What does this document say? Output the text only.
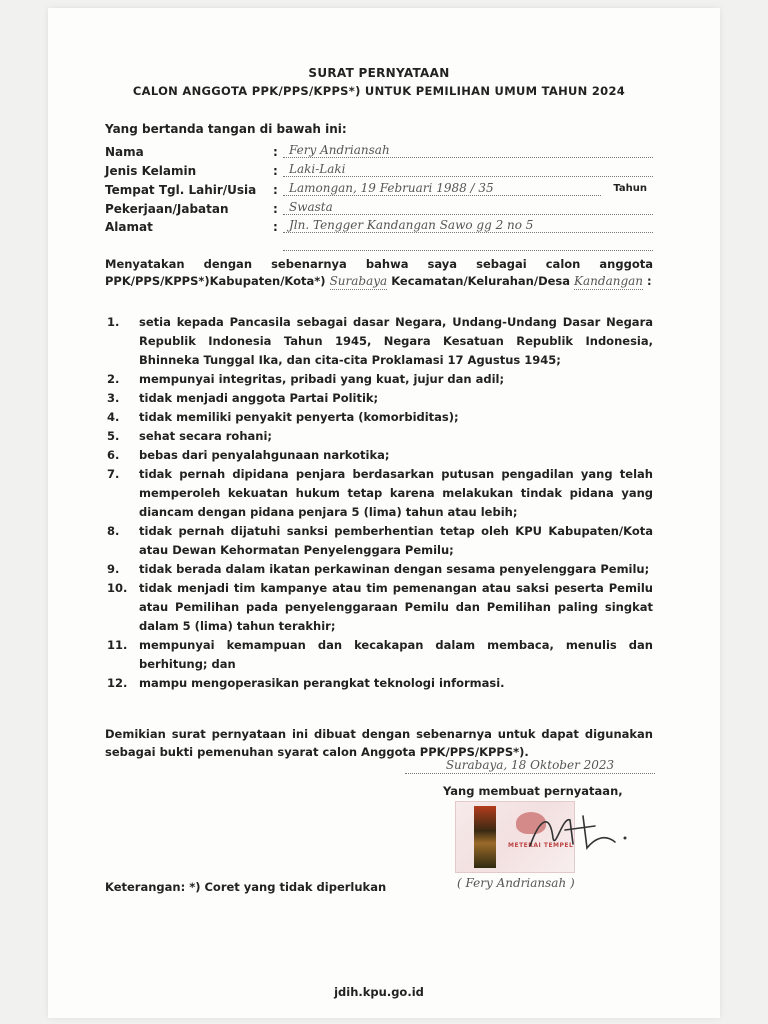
SURAT PERNYATAAN
CALON ANGGOTA PPK/PPS/KPPS*) UNTUK PEMILIHAN UMUM TAHUN 2024
Yang bertanda tangan di bawah ini:
Nama	: Fery Andriansah
Jenis Kelamin	: Laki-Laki
Tempat Tgl. Lahir/Usia	: Lamongan, 19 Februari 1988 / 35	Tahun
Pekerjaan/Jabatan	: Swasta
Alamat	: Jln. Tengger Kandangan Sawo gg 2 no 5
Menyatakan dengan sebenarnya bahwa saya sebagai calon anggota PPK/PPS/KPPS*)Kabupaten/Kota*) Surabaya Kecamatan/Kelurahan/Desa Kandangan :
1. setia kepada Pancasila sebagai dasar Negara, Undang-Undang Dasar Negara Republik Indonesia Tahun 1945, Negara Kesatuan Republik Indonesia, Bhinneka Tunggal Ika, dan cita-cita Proklamasi 17 Agustus 1945;
2. mempunyai integritas, pribadi yang kuat, jujur dan adil;
3. tidak menjadi anggota Partai Politik;
4. tidak memiliki penyakit penyerta (komorbiditas);
5. sehat secara rohani;
6. bebas dari penyalahgunaan narkotika;
7. tidak pernah dipidana penjara berdasarkan putusan pengadilan yang telah memperoleh kekuatan hukum tetap karena melakukan tindak pidana yang diancam dengan pidana penjara 5 (lima) tahun atau lebih;
8. tidak pernah dijatuhi sanksi pemberhentian tetap oleh KPU Kabupaten/Kota atau Dewan Kehormatan Penyelenggara Pemilu;
9. tidak berada dalam ikatan perkawinan dengan sesama penyelenggara Pemilu;
10. tidak menjadi tim kampanye atau tim pemenangan atau saksi peserta Pemilu atau Pemilihan pada penyelenggaraan Pemilu dan Pemilihan paling singkat dalam 5 (lima) tahun terakhir;
11. mempunyai kemampuan dan kecakapan dalam membaca, menulis dan berhitung; dan
12. mampu mengoperasikan perangkat teknologi informasi.
Demikian surat pernyataan ini dibuat dengan sebenarnya untuk dapat digunakan sebagai bukti pemenuhan syarat calon Anggota PPK/PPS/KPPS*).
Surabaya, 18 Oktober 2023
Yang membuat pernyataan,
METERAI TEMPEL
Keterangan: *) Coret yang tidak diperlukan	( Fery Andriansah )
jdih.kpu.go.id
